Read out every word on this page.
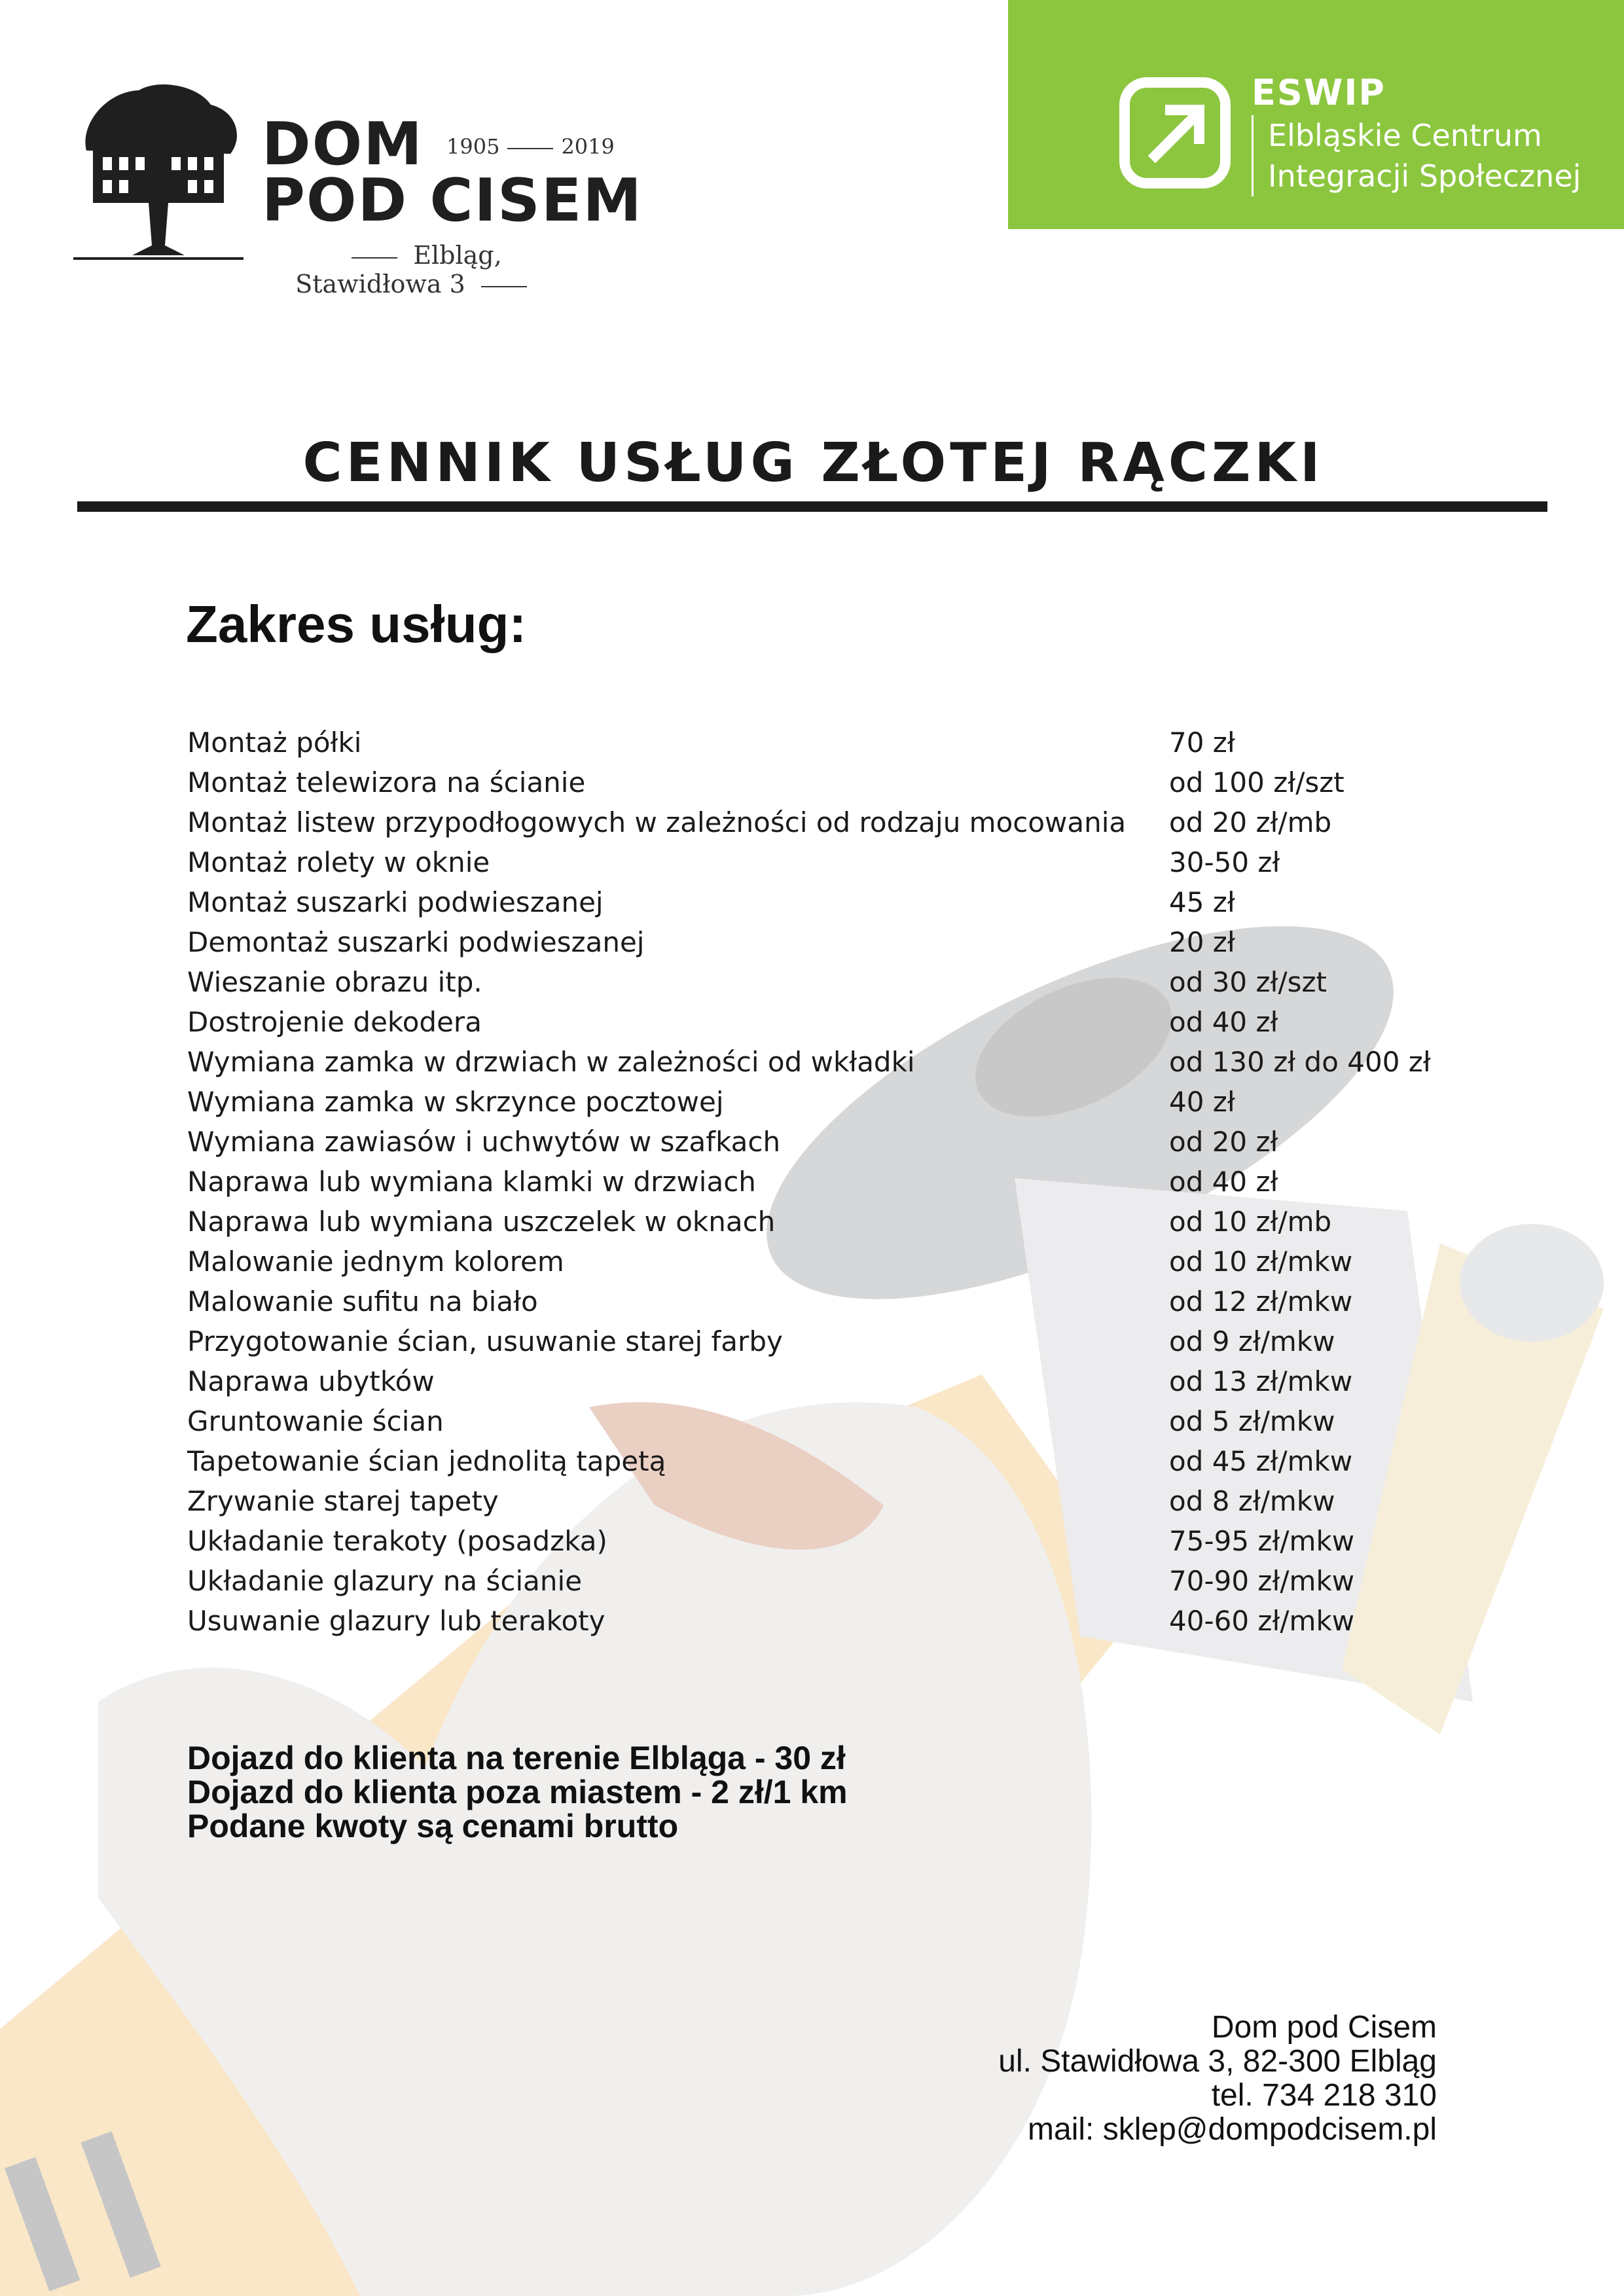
DOM
POD CISEM
1905	2019
Elbląg, Stawidłowa 3
ESWIP
Elbląskie Centrum
Integracji Społecznej
CENNIK USŁUG ZŁOTEJ RĄCZKI
Zakres usług:
Montaż półki	70 zł
Montaż telewizora na ścianie	od 100 zł/szt
Montaż listew przypodłogowych w zależności od rodzaju mocowania od 20 zł/mb
Montaż rolety w oknie	30-50 zł
Montaż suszarki podwieszanej	45 zł
Demontaż suszarki podwieszanej	20 zł
Wieszanie obrazu itp.	od 30 zł/szt
Dostrojenie dekodera	od 40 zł
Wymiana zamka w drzwiach w zależności od wkładki	od 130 zł do 400 zł
Wymiana zamka w skrzynce pocztowej	40 zł
Wymiana zawiasów i uchwytów w szafkach	od 20 zł
Naprawa lub wymiana klamki w drzwiach	od 40 zł
Naprawa lub wymiana uszczelek w oknach	od 10 zł/mb
Malowanie jednym kolorem	od 10 zł/mkw
Malowanie sufitu na biało	od 12 zł/mkw
Przygotowanie ścian, usuwanie starej farby	od 9 zł/mkw
Naprawa ubytków	od 13 zł/mkw
Gruntowanie ścian	od 5 zł/mkw
Tapetowanie ścian jednolitą tapetą	od 45 zł/mkw
Zrywanie starej tapety	od 8 zł/mkw
Układanie terakoty (posadzka)	75-95 zł/mkw
Układanie glazury na ścianie	70-90 zł/mkw
Usuwanie glazury lub terakoty	40-60 zł/mkw
Dojazd do klienta na terenie Elbląga - 30 zł
Dojazd do klienta poza miastem - 2 zł/1 km
Podane kwoty są cenami brutto
Dom pod Cisem
ul. Stawidłowa 3, 82-300 Elbląg
tel. 734 218 310
mail: sklep@dompodcisem.pl
